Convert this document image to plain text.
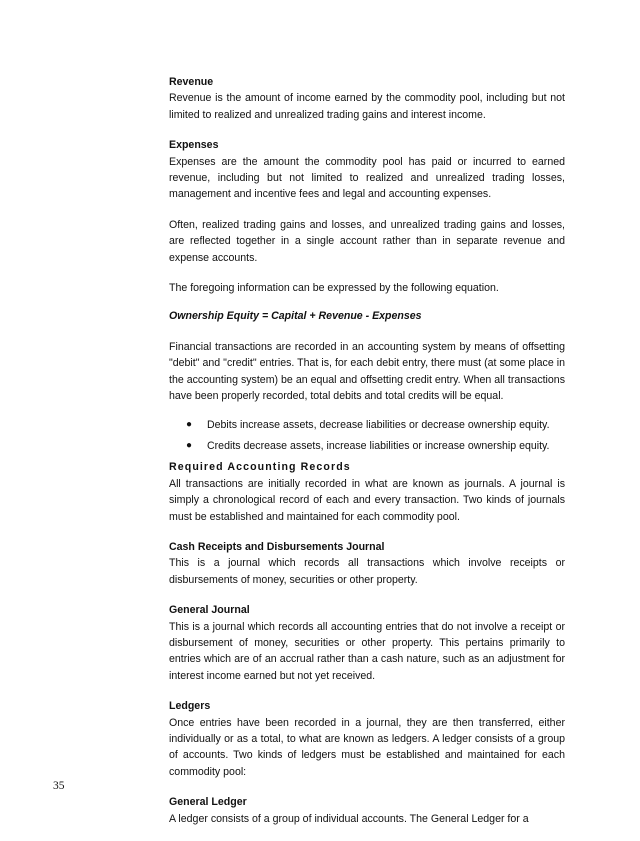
Revenue

Revenue is the amount of income earned by the commodity pool, including but not limited to realized and unrealized trading gains and interest income.

Expenses

Expenses are the amount the commodity pool has paid or incurred to earned revenue, including but not limited to realized and unrealized trading losses, management and incentive fees and legal and accounting expenses.

Often, realized trading gains and losses, and unrealized trading gains and losses, are reflected together in a single account rather than in separate revenue and expense accounts.

The foregoing information can be expressed by the following equation.

Ownership Equity = Capital + Revenue - Expenses

Financial transactions are recorded in an accounting system by means of offsetting "debit" and "credit" entries. That is, for each debit entry, there must (at some place in the accounting system) be an equal and offsetting credit entry. When all transactions have been properly recorded, total debits and total credits will be equal.

● Debits increase assets, decrease liabilities or decrease ownership equity.
● Credits decrease assets, increase liabilities or increase ownership equity.
Required Accounting Records

All transactions are initially recorded in what are known as journals. A journal is simply a chronological record of each and every transaction. Two kinds of journals must be established and maintained for each commodity pool.

Cash Receipts and Disbursements Journal

This is a journal which records all transactions which involve receipts or disbursements of money, securities or other property.

General Journal

This is a journal which records all accounting entries that do not involve a receipt or disbursement of money, securities or other property. This pertains primarily to entries which are of an accrual rather than a cash nature, such as an adjustment for interest income earned but not yet received.

Ledgers

Once entries have been recorded in a journal, they are then transferred, either individually or as a total, to what are known as ledgers. A ledger consists of a group of accounts. Two kinds of ledgers must be established and maintained for each commodity pool:

General Ledger

A ledger consists of a group of individual accounts. The General Ledger for a

35
